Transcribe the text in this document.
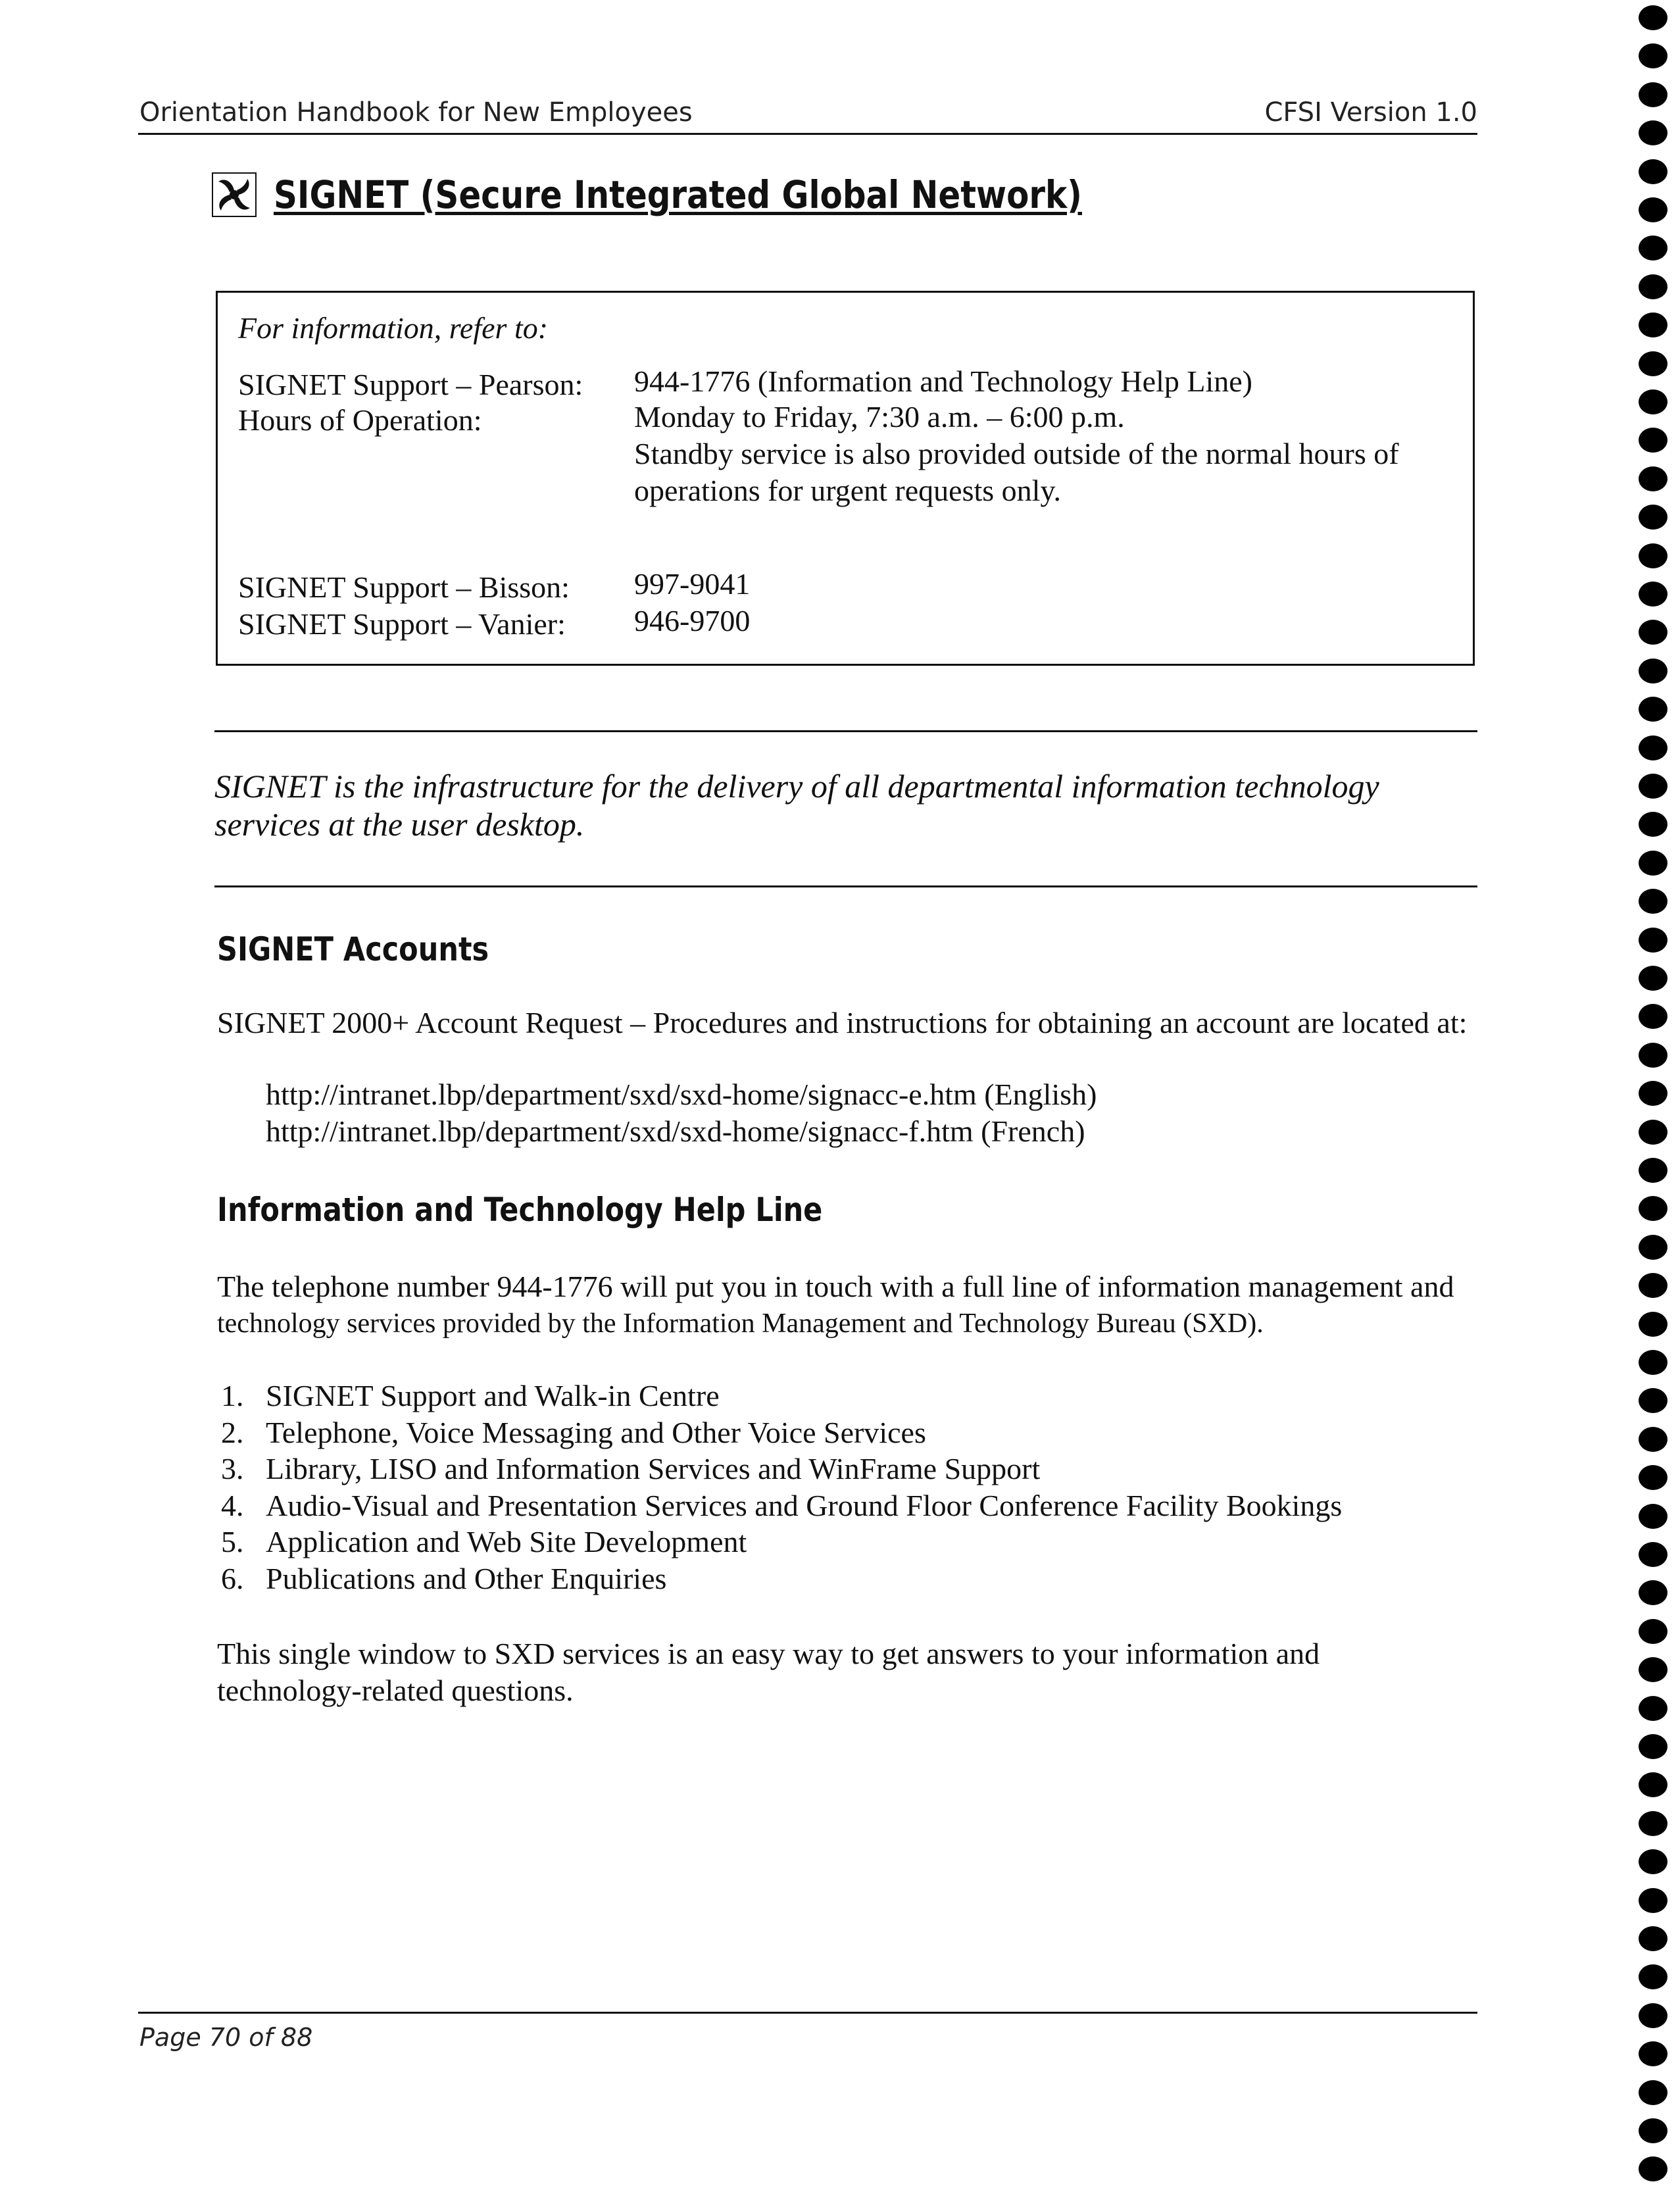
Orientation Handbook for New Employees	CFSI Version 1.0
SIGNET (Secure Integrated Global Network)
For information, refer to:
SIGNET Support – Pearson: 944-1776 (Information and Technology Help Line)
Hours of Operation:	Monday to Friday, 7:30 a.m. – 6:00 p.m.
Standby service is also provided outside of the normal hours of
operations for urgent requests only.
SIGNET Support – Bisson: 997-9041
SIGNET Support – Vanier: 946-9700
SIGNET is the infrastructure for the delivery of all departmental information technology
services at the user desktop.
SIGNET Accounts
SIGNET 2000+ Account Request – Procedures and instructions for obtaining an account are located at:
http://intranet.lbp/department/sxd/sxd-home/signacc-e.htm (English)
http://intranet.lbp/department/sxd/sxd-home/signacc-f.htm (French)
Information and Technology Help Line
The telephone number 944-1776 will put you in touch with a full line of information management and
technology services provided by the Information Management and Technology Bureau (SXD).
1. SIGNET Support and Walk-in Centre
2. Telephone, Voice Messaging and Other Voice Services
3. Library, LISO and Information Services and WinFrame Support
4. Audio-Visual and Presentation Services and Ground Floor Conference Facility Bookings
5. Application and Web Site Development
6. Publications and Other Enquiries
This single window to SXD services is an easy way to get answers to your information and
technology-related questions.
Page 70 of 88
